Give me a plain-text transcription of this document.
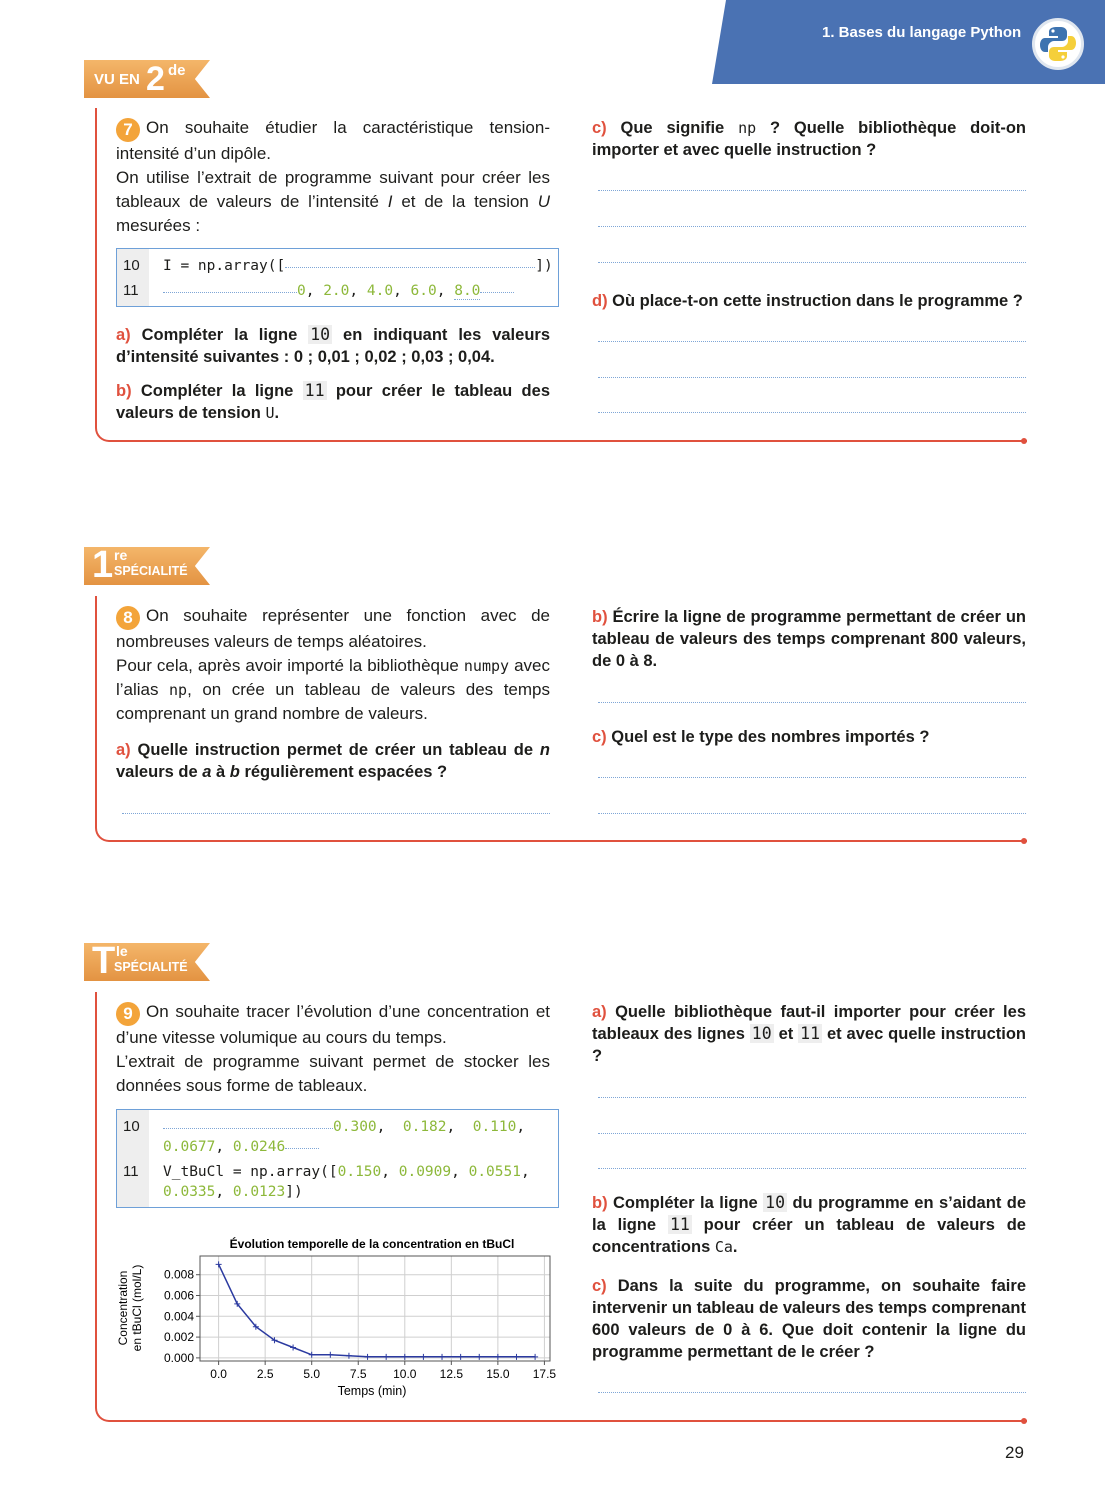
1. Bases du langage Python
VU EN 2 de
7 On souhaite étudier la caractéristique tension-intensité d’un dipôle.
On utilise l’extrait de programme suivant pour créer les tableaux de valeurs de l’intensité I et de la tension U mesurées :
10
11
I = np.array([	])
0, 2.0, 4.0, 6.0, 8.0
a) Compléter la ligne 10 en indiquant les valeurs d’intensité suivantes : 0 ; 0,01 ; 0,02 ; 0,03 ; 0,04.
b) Compléter la ligne 11 pour créer le tableau des valeurs de tension U.
c) Que signifie np ? Quelle bibliothèque doit-on importer et avec quelle instruction ?
d) Où place-t-on cette instruction dans le programme ?
1 re
SPÉCIALITÉ
8 On souhaite représenter une fonction avec de nombreuses valeurs de temps aléatoires.
Pour cela, après avoir importé la bibliothèque numpy avec l’alias np, on crée un tableau de valeurs des temps comprenant un grand nombre de valeurs.
a) Quelle instruction permet de créer un tableau de n valeurs de a à b régulièrement espacées ?
b) Écrire la ligne de programme permettant de créer un tableau de valeurs des temps comprenant 800 valeurs, de 0 à 8.
c) Quel est le type des nombres importés ?
T le
SPÉCIALITÉ
9 On souhaite tracer l’évolution d’une concentration et d’une vitesse volumique au cours du temps.
L’extrait de programme suivant permet de stocker les données sous forme de tableaux.
10
11
0.300,  0.182,  0.110,
0.0677, 0.0246
V_tBuCl = np.array([0.150, 0.0909, 0.0551,
0.0335, 0.0123])
Évolution temporelle de la concentration en tBuCl
0.0 2.5 5.0 7.5 10.0 12.5 15.0 17.5
0.000
0.002
0.004
0.006
0.008
Temps (min)
Concentration en tBuCl (mol/L)
a) Quelle bibliothèque faut-il importer pour créer les tableaux des lignes 10 et 11 et avec quelle instruction ?
b) Compléter la ligne 10 du programme en s’aidant de la ligne 11 pour créer un tableau de valeurs de concentrations Ca.
c) Dans la suite du programme, on souhaite faire intervenir un tableau de valeurs des temps comprenant 600 valeurs de 0 à 6. Que doit contenir la ligne du programme permettant de le créer ?
29
